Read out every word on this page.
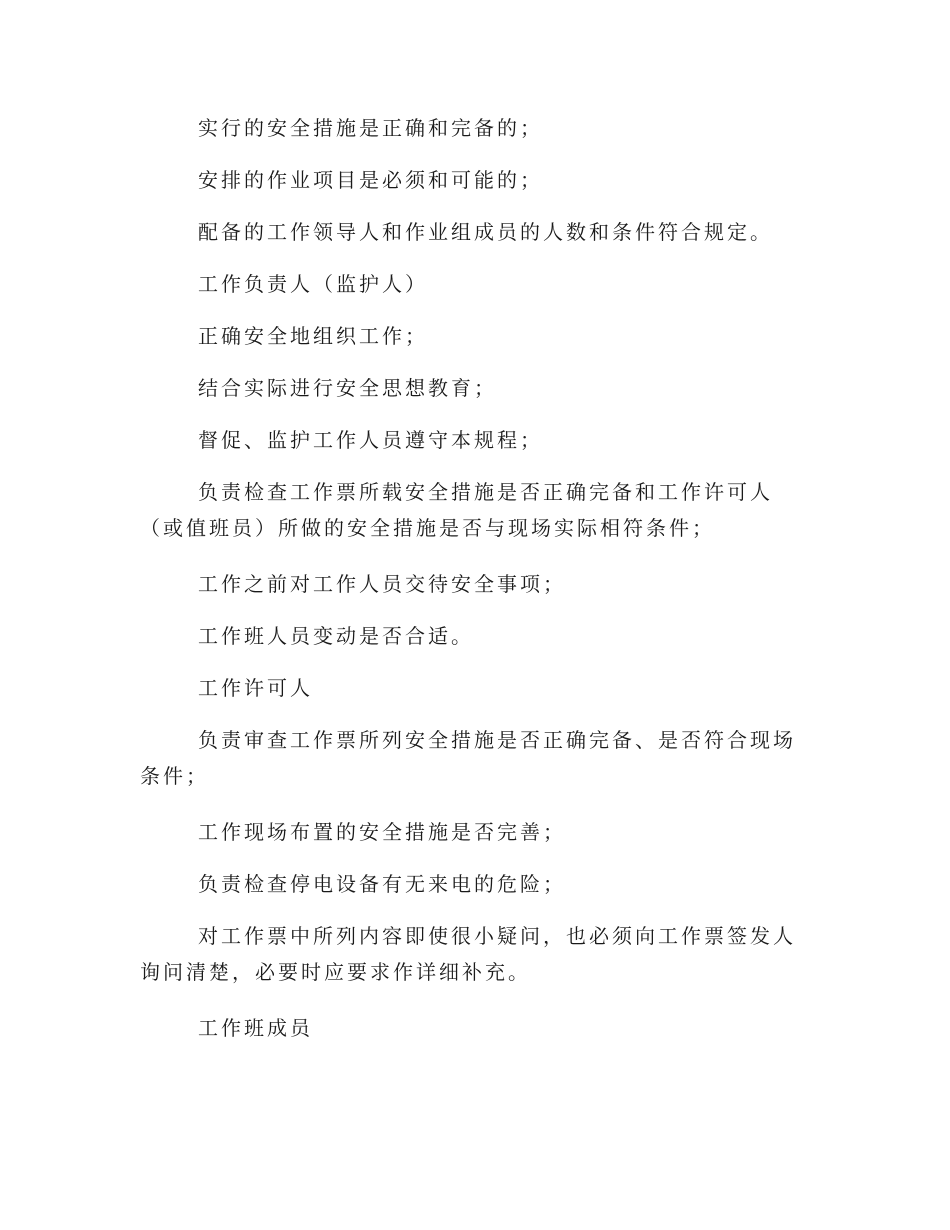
实行的安全措施是正确和完备的；

安排的作业项目是必须和可能的；

配备的工作领导人和作业组成员的人数和条件符合规定。

工作负责人（监护人）

正确安全地组织工作；

结合实际进行安全思想教育；

督促、监护工作人员遵守本规程；

负责检查工作票所载安全措施是否正确完备和工作许可人（或值班员）所做的安全措施是否与现场实际相符条件；

工作之前对工作人员交待安全事项；

工作班人员变动是否合适。

工作许可人

负责审查工作票所列安全措施是否正确完备、是否符合现场条件；

工作现场布置的安全措施是否完善；

负责检查停电设备有无来电的危险；

对工作票中所列内容即使很小疑问，也必须向工作票签发人询问清楚，必要时应要求作详细补充。

工作班成员
